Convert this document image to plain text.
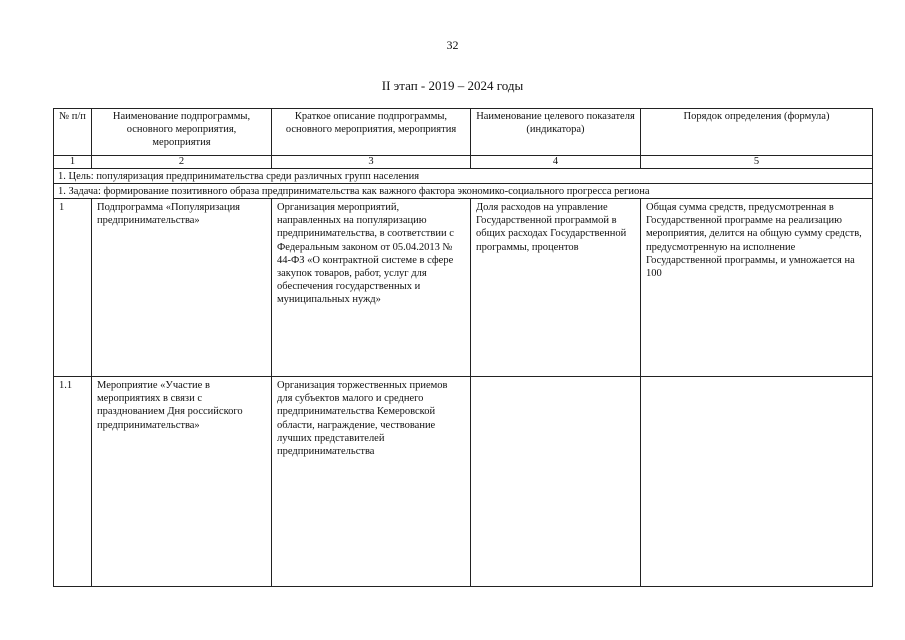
32
II этап - 2019 – 2024 годы
№ п/п	Наименование подпрограммы, основного мероприятия, мероприятия	Краткое описание подпрограммы, основного мероприятия, мероприятия	Наименование целевого показателя (индикатора)	Порядок определения (формула)
1	2	3	4	5
1. Цель: популяризация предпринимательства среди различных групп населения				
1. Задача: формирование позитивного образа предпринимательства как важного фактора экономико-социального прогресса региона				
1	Подпрограмма «Популяризация предпринимательства»	Организация мероприятий, направленных на популяризацию предпринимательства, в соответствии с Федеральным законом от 05.04.2013 № 44-ФЗ «О контрактной системе в сфере закупок товаров, работ, услуг для обеспечения государственных и муниципальных нужд»	Доля расходов на управление Государственной программой в общих расходах Государственной программы, процентов	Общая сумма средств, предусмотренная в Государственной программе на реализацию мероприятия, делится на общую сумму средств, предусмотренную на исполнение Государственной программы, и умножается на 100
1.1	Мероприятие «Участие в мероприятиях в связи с празднованием Дня российского предпринимательства»	Организация торжественных приемов для субъектов малого и среднего предпринимательства Кемеровской области, награждение, чествование лучших представителей предпринимательства		
